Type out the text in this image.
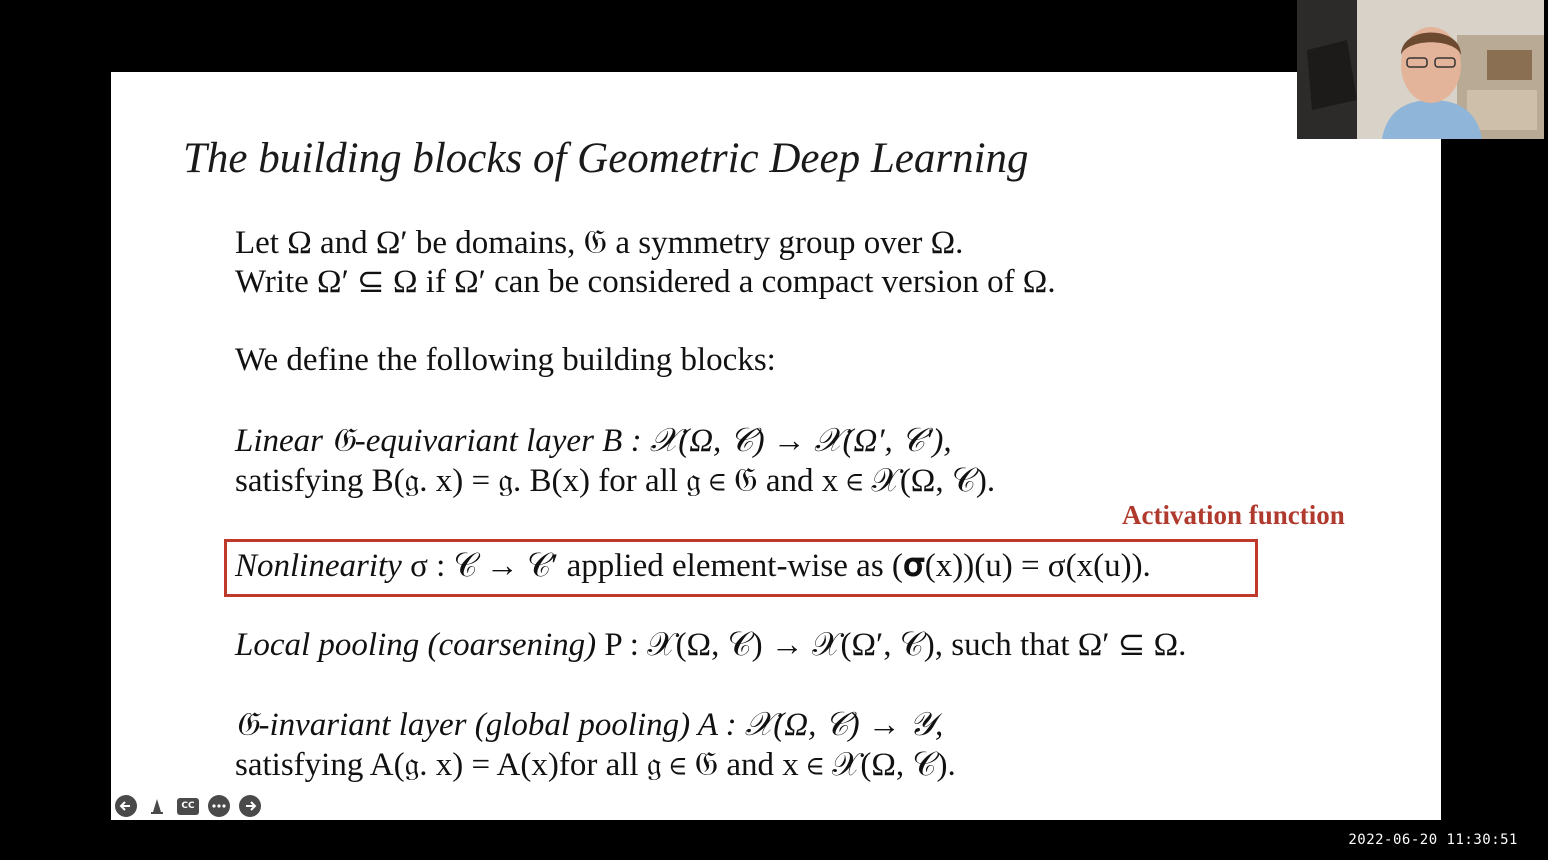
The building blocks of Geometric Deep Learning
Let Ω and Ω′ be domains, 𝔊 a symmetry group over Ω.
Write Ω′ ⊆ Ω if Ω′ can be considered a compact version of Ω.
We define the following building blocks:
Linear 𝔊-equivariant layer B : 𝒳(Ω, 𝒞) → 𝒳(Ω′, 𝒞′),
satisfying B(𝔤. x) = 𝔤. B(x) for all 𝔤 ∈ 𝔊 and x ∈ 𝒳(Ω, 𝒞).
Activation function
Nonlinearity σ : 𝒞 → 𝒞′ applied element-wise as (𝛔(x))(u) = σ(x(u)).
Local pooling (coarsening) P : 𝒳(Ω, 𝒞) → 𝒳(Ω′, 𝒞), such that Ω′ ⊆ Ω.
𝔊-invariant layer (global pooling) A : 𝒳(Ω, 𝒞) → 𝒴,
satisfying A(𝔤. x) = A(x)for all 𝔤 ∈ 𝔊 and x ∈ 𝒳(Ω, 𝒞).
CC
2022-06-20 11:30:51
